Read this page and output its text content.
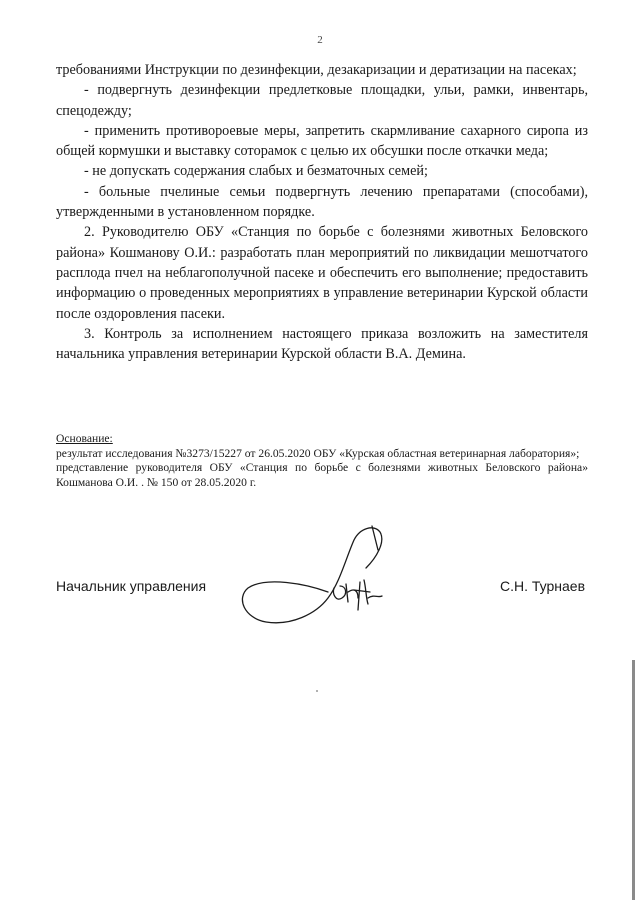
2

требованиями Инструкции по дезинфекции, дезакаризации и дератизации на пасеках;

- подвергнуть дезинфекции предлетковые площадки, ульи, рамки, инвентарь, спецодежду;

- применить противороевые меры, запретить скармливание сахарного сиропа из общей кормушки и выставку сотoрамок с целью их обсушки после откачки меда;

- не допускать содержания слабых и безматочных семей;

- больные пчелиные семьи подвергнуть лечению препаратами (способами), утвержденными в установленном порядке.

2. Руководителю ОБУ «Станция по борьбе с болезнями животных Беловского района» Кошманову О.И.: разработать план мероприятий по ликвидации мешотчатого расплода пчел на неблагополучной пасеке и обеспечить его выполнение; предоставить информацию о проведенных мероприятиях в управление ветеринарии Курской области после оздоровления пасеки.

3. Контроль за исполнением настоящего приказа возложить на заместителя начальника управления ветеринарии Курской области В.А. Демина.

Основание:

результат исследования №3273/15227 от 26.05.2020 ОБУ «Курская областная ветеринарная лаборатория»;

представление руководителя ОБУ «Станция по борьбе с болезнями животных Беловского района» Кошманова О.И. . № 150 от 28.05.2020 г.

Начальник управления	С.Н. Турнаев
